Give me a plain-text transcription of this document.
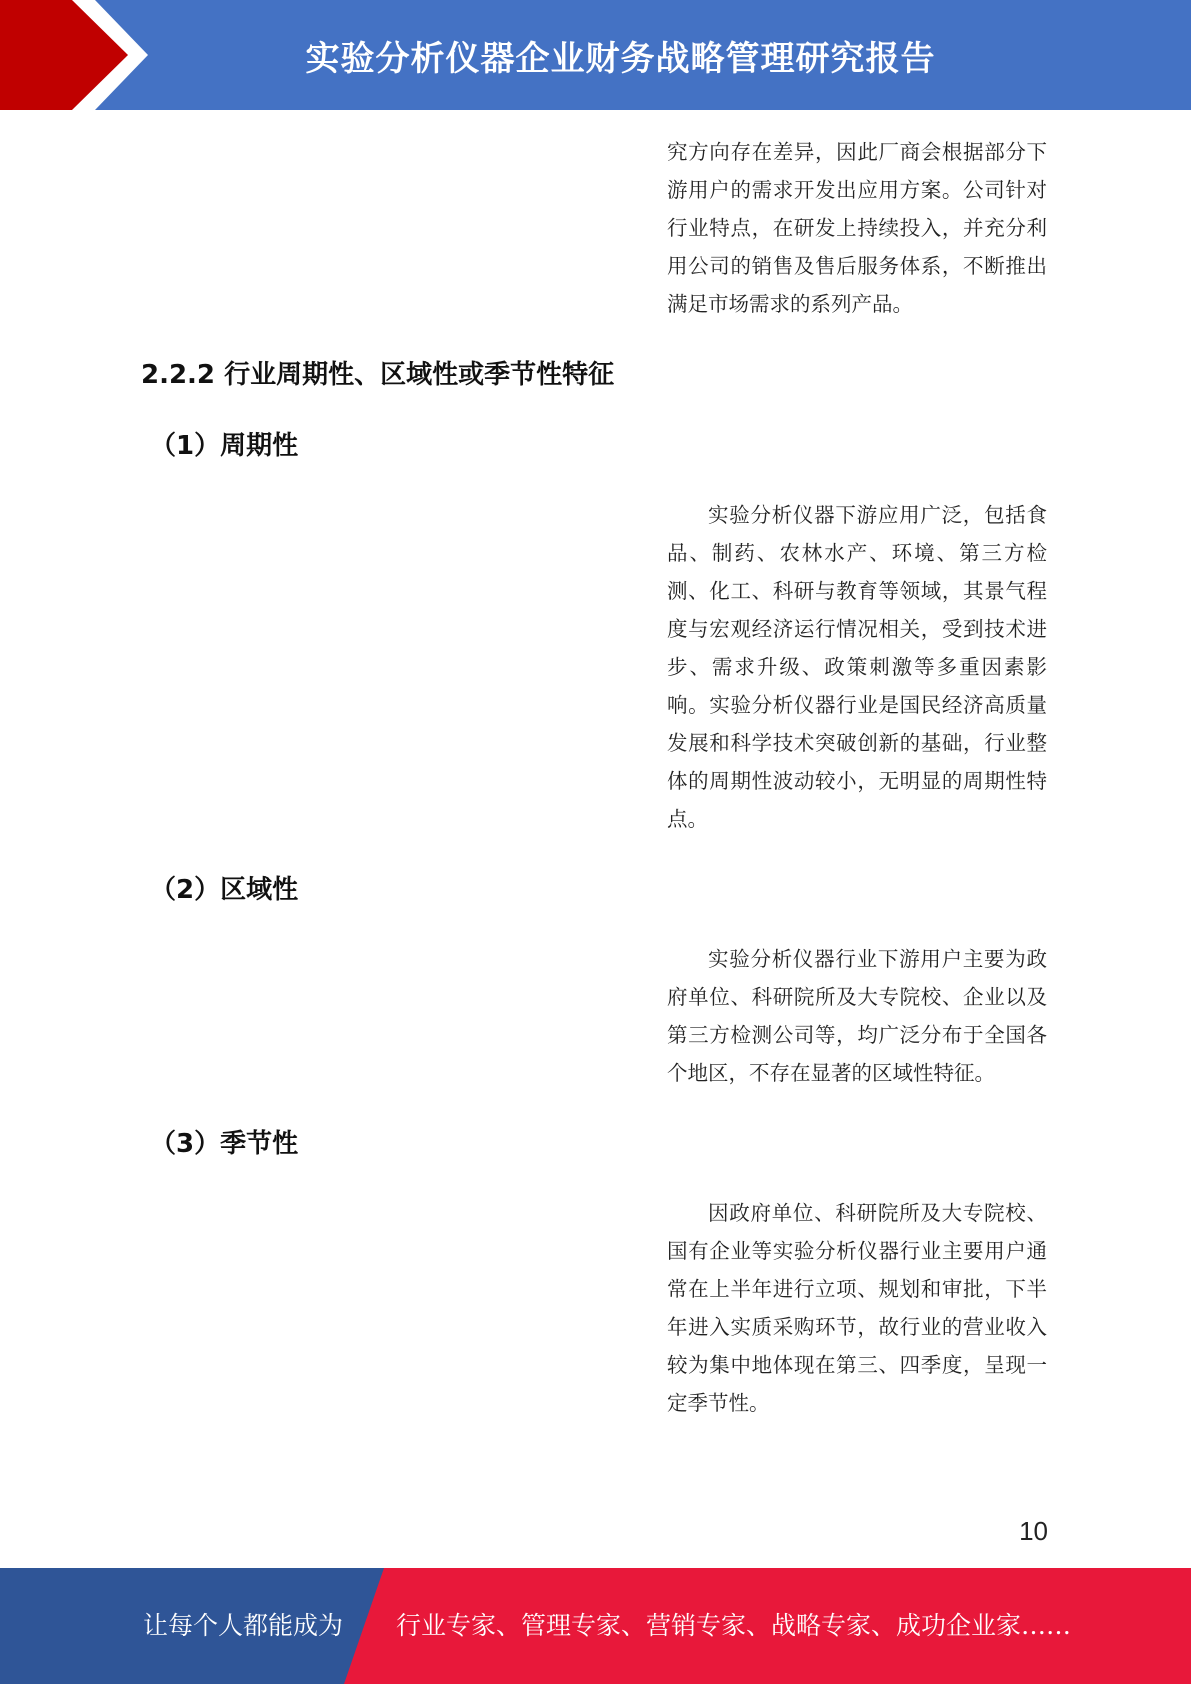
实验分析仪器企业财务战略管理研究报告
究方向存在差异，因此厂商会根据部分下游用户的需求开发出应用方案。公司针对行业特点，在研发上持续投入，并充分利用公司的销售及售后服务体系，不断推出满足市场需求的系列产品。
2.2.2 行业周期性、区域性或季节性特征
（1）周期性
实验分析仪器下游应用广泛，包括食品、制药、农林水产、环境、第三方检测、化工、科研与教育等领域，其景气程度与宏观经济运行情况相关，受到技术进步、需求升级、政策刺激等多重因素影响。实验分析仪器行业是国民经济高质量发展和科学技术突破创新的基础，行业整体的周期性波动较小，无明显的周期性特点。
（2）区域性
实验分析仪器行业下游用户主要为政府单位、科研院所及大专院校、企业以及第三方检测公司等，均广泛分布于全国各个地区，不存在显著的区域性特征。
（3）季节性
因政府单位、科研院所及大专院校、国有企业等实验分析仪器行业主要用户通常在上半年进行立项、规划和审批，下半年进入实质采购环节，故行业的营业收入较为集中地体现在第三、四季度，呈现一定季节性。
10
让每个人都能成为 行业专家、管理专家、营销专家、战略专家、成功企业家……
